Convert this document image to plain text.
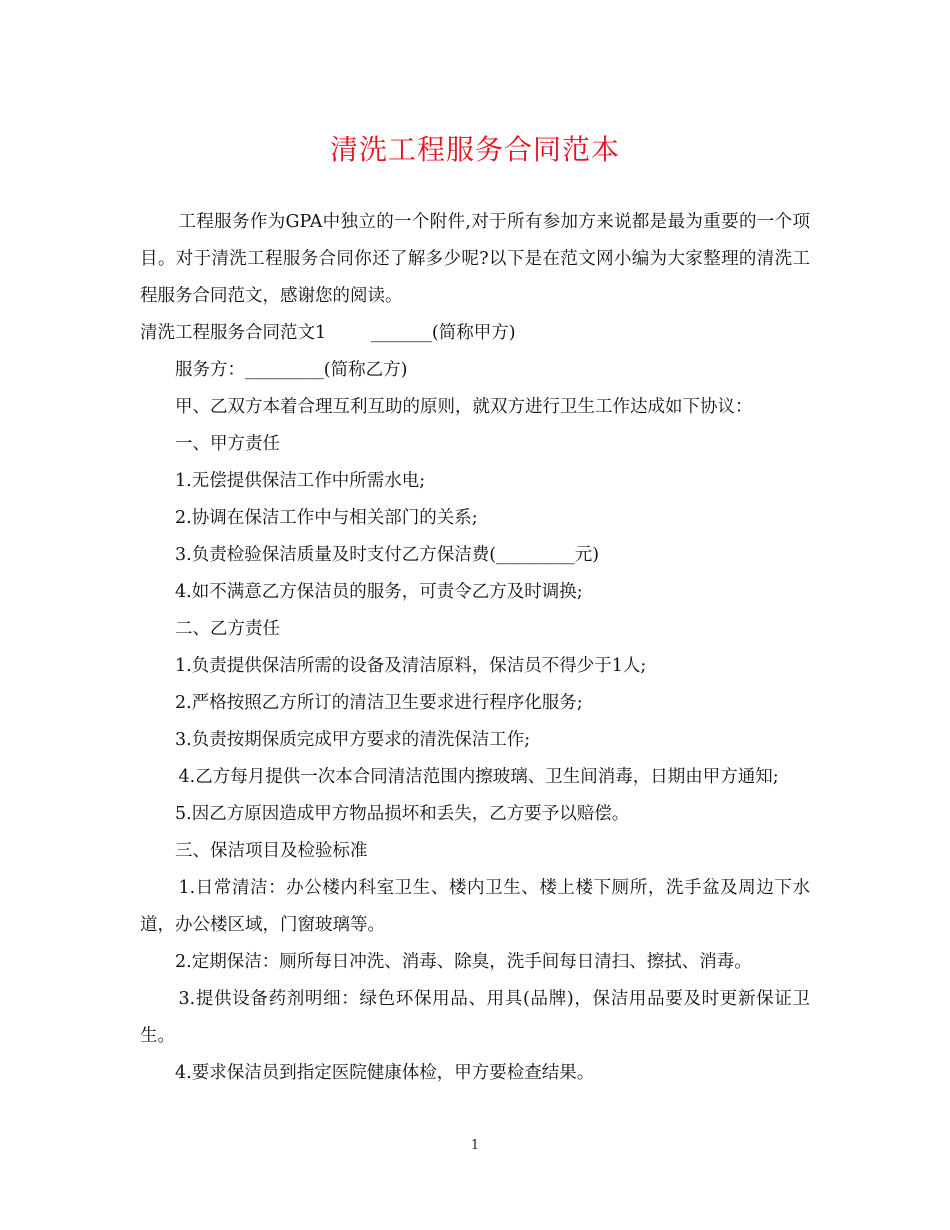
清洗工程服务合同范本

工程服务作为GPA中独立的一个附件,对于所有参加方来说都是最为重要的一个项目。对于清洗工程服务合同你还了解多少呢?以下是在范文网小编为大家整理的清洗工程服务合同范文，感谢您的阅读。

清洗工程服务合同范文1        _______(简称甲方)

服务方：_________(简称乙方)

甲、乙双方本着合理互利互助的原则，就双方进行卫生工作达成如下协议：

一、甲方责任

1.无偿提供保洁工作中所需水电;

2.协调在保洁工作中与相关部门的关系;

3.负责检验保洁质量及时支付乙方保洁费(_________元)

4.如不满意乙方保洁员的服务，可责令乙方及时调换;

二、乙方责任

1.负责提供保洁所需的设备及清洁原料，保洁员不得少于1人;

2.严格按照乙方所订的清洁卫生要求进行程序化服务;

3.负责按期保质完成甲方要求的清洗保洁工作;

4.乙方每月提供一次本合同清洁范围内擦玻璃、卫生间消毒，日期由甲方通知;

5.因乙方原因造成甲方物品损坏和丢失，乙方要予以赔偿。

三、保洁项目及检验标准

1.日常清洁：办公楼内科室卫生、楼内卫生、楼上楼下厕所，洗手盆及周边下水道，办公楼区域，门窗玻璃等。

2.定期保洁：厕所每日冲洗、消毒、除臭，洗手间每日清扫、擦拭、消毒。

3.提供设备药剂明细：绿色环保用品、用具(品牌)，保洁用品要及时更新保证卫生。

4.要求保洁员到指定医院健康体检，甲方要检查结果。

1
